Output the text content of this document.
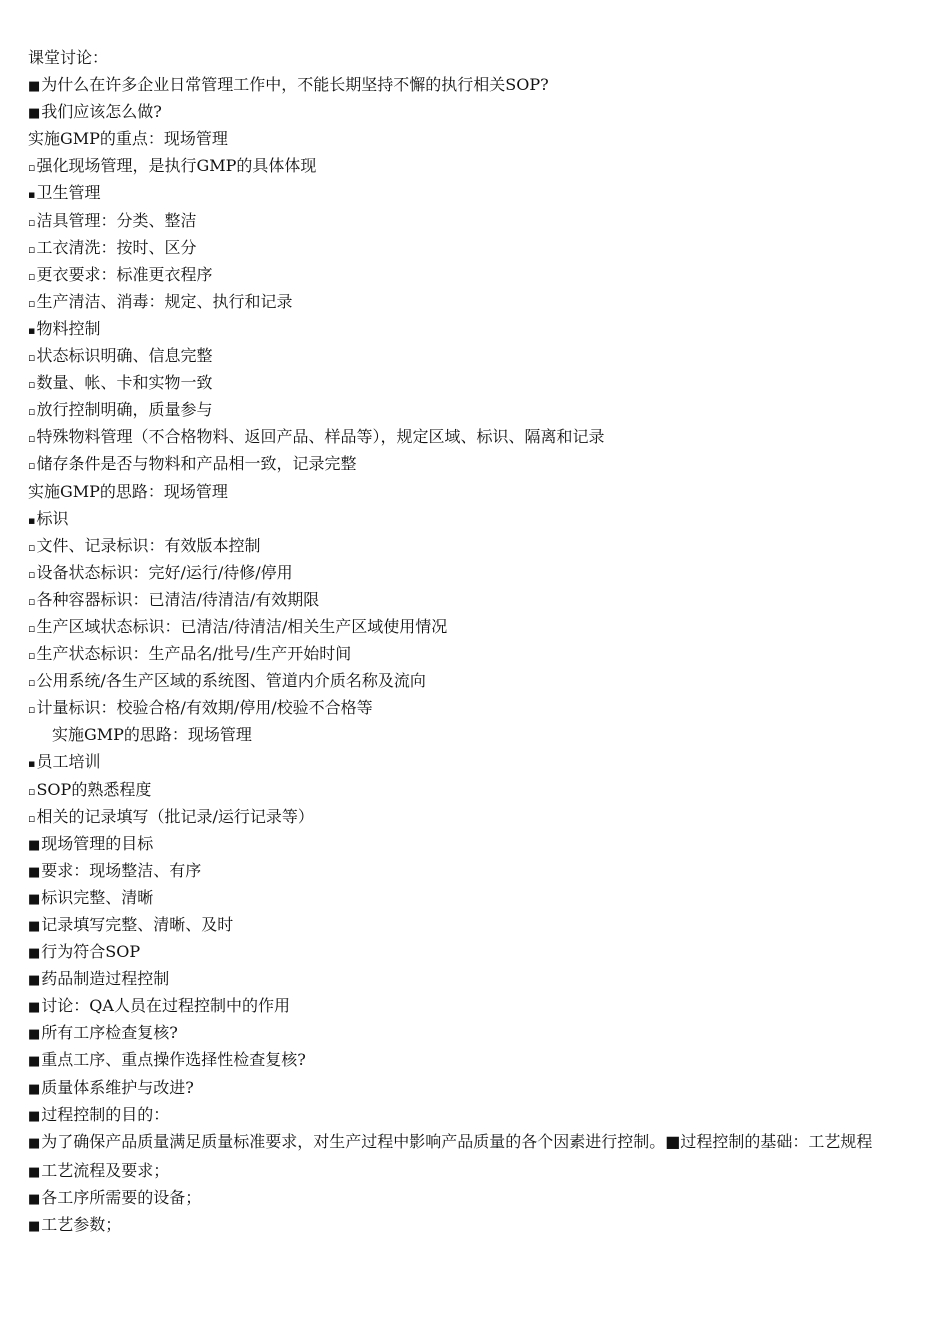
课堂讨论：
■为什么在许多企业日常管理工作中，不能长期坚持不懈的执行相关SOP?
■我们应该怎么做?
实施GMP的重点：现场管理
▫强化现场管理，是执行GMP的具体体现
▪卫生管理
▫洁具管理：分类、整洁
▫工衣清洗：按时、区分
▫更衣要求：标准更衣程序
▫生产清洁、消毒：规定、执行和记录
▪物料控制
▫状态标识明确、信息完整
▫数量、帐、卡和实物一致
▫放行控制明确，质量参与
▫特殊物料管理（不合格物料、返回产品、样品等），规定区域、标识、隔离和记录
▫储存条件是否与物料和产品相一致，记录完整
实施GMP的思路：现场管理
▪标识
▫文件、记录标识：有效版本控制
▫设备状态标识：完好/运行/待修/停用
▫各种容器标识：已清洁/待清洁/有效期限
▫生产区域状态标识：已清洁/待清洁/相关生产区域使用情况
▫生产状态标识：生产品名/批号/生产开始时间
▫公用系统/各生产区域的系统图、管道内介质名称及流向
▫计量标识：校验合格/有效期/停用/校验不合格等
实施GMP的思路：现场管理
▪员工培训
▫SOP的熟悉程度
▫相关的记录填写（批记录/运行记录等）
■现场管理的目标
■要求：现场整洁、有序
■标识完整、清晰
■记录填写完整、清晰、及时
■行为符合SOP
■药品制造过程控制
■讨论：QA人员在过程控制中的作用
■所有工序检查复核?
■重点工序、重点操作选择性检查复核?
■质量体系维护与改进?
■过程控制的目的：
■为了确保产品质量满足质量标准要求，对生产过程中影响产品质量的各个因素进行控制。■过程控制的基础：工艺规程
■工艺流程及要求；
■各工序所需要的设备；
■工艺参数；
